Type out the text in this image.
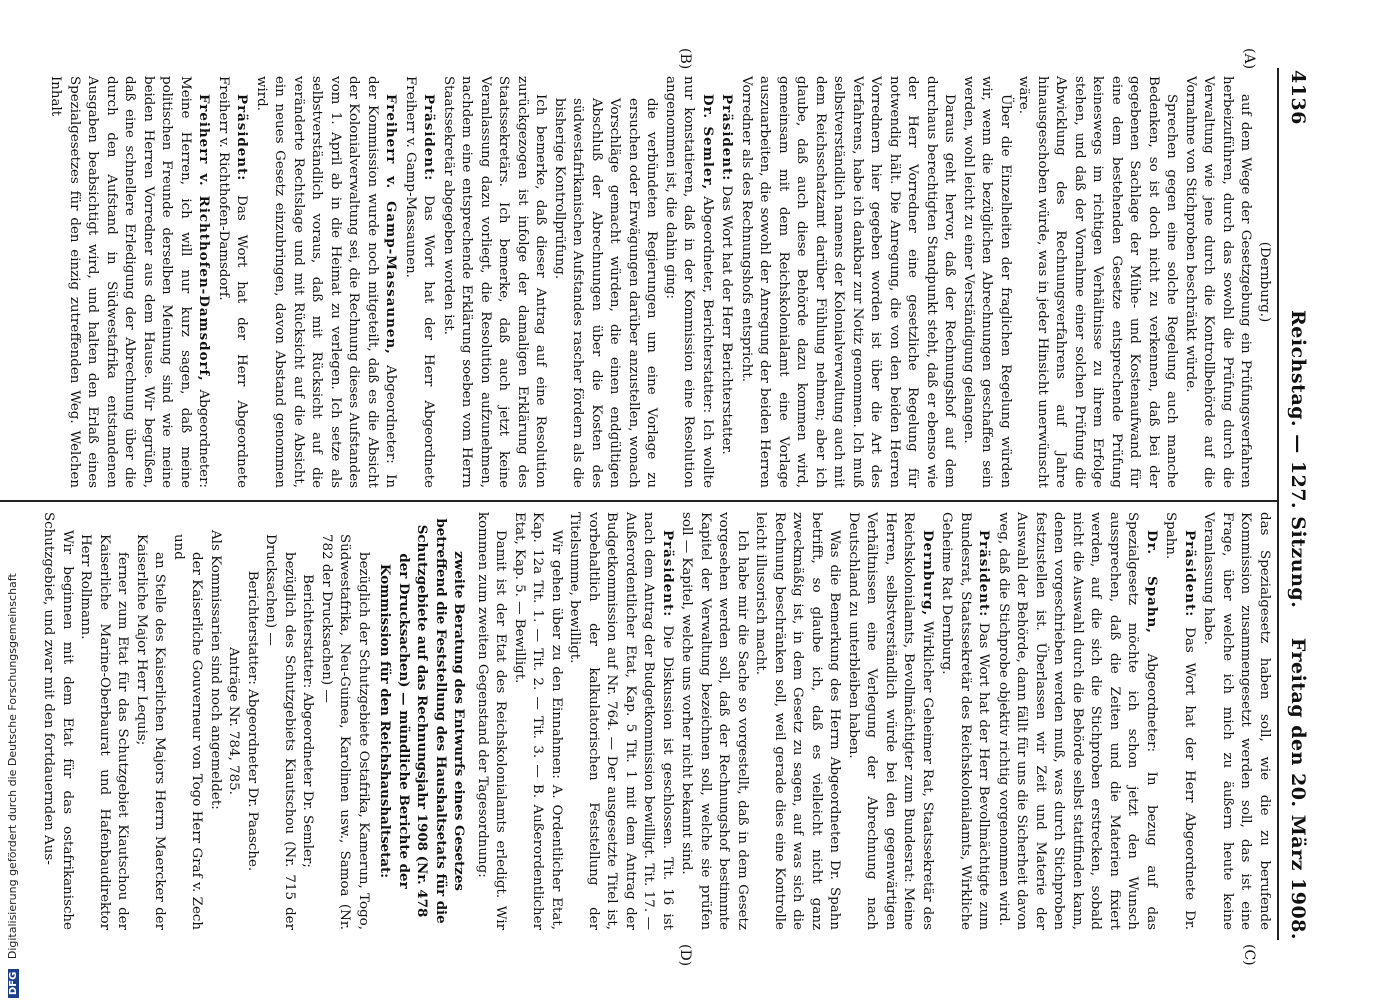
4136
Reichstag. — 127. Sitzung.
Freitag den 20. März 1908.
(A)
(B)
(C)
(D)

(Dernburg.)

auf dem Wege der Gesetzgebung ein Prüfungsverfahren herbeizuführen, durch das sowohl die Prüfung durch die Verwaltung wie jene durch die Kontrollbehörde auf die Vornahme von Stichproben beschränkt würde.

Sprechen gegen eine solche Regelung auch manche Bedenken, so ist doch nicht zu verkennen, daß bei der gegebenen Sachlage der Mühe- und Kostenaufwand für eine dem bestehenden Gesetze entsprechende Prüfung keineswegs im richtigen Verhältnisse zu ihrem Erfolge stehen, und daß der Vornahme einer solchen Prüfung die Abwicklung des Rechnungsverfahrens auf Jahre hinausgeschoben würde, was in jeder Hinsicht unerwünscht wäre.

Über die Einzelheiten der fraglichen Regelung würden wir, wenn die bezüglichen Abrechnungen geschaffen sein werden, wohl leicht zu einer Verständigung gelangen.

Daraus geht hervor, daß der Rechnungshof auf dem durchaus berechtigten Standpunkt steht, daß er ebenso wie der Herr Vorredner eine gesetzliche Regelung für notwendig hält. Die Anregung, die von den beiden Herren Vorrednern hier gegeben worden ist über die Art des Verfahrens, habe ich dankbar zur Notiz genommen. Ich muß selbstverständlich namens der Kolonialverwaltung auch mit dem Reichsschatzamt darüber Fühlung nehmen; aber ich glaube, daß auch diese Behörde dazu kommen wird, gemeinsam mit dem Reichskolonialamt eine Vorlage auszuarbeiten, die sowohl der Anregung der beiden Herren Vorredner als des Rechnungshofs entspricht.

Präsident: Das Wort hat der Herr Berichterstatter.

Dr. Semler, Abgeordneter, Berichterstatter: Ich wollte nur konstatieren, daß in der Kommission eine Resolution angenommen ist, die dahin ging:

die verbündeten Regierungen um eine Vorlage zu ersuchen oder Erwägungen darüber anzustellen, wonach Vorschläge gemacht würden, die einen endgültigen Abschluß der Abrechnungen über die Kosten des südwestafrikanischen Aufstandes rascher fördern als die bisherige Kontrollprüfung.

Ich bemerke, daß dieser Antrag auf eine Resolution zurückgezogen ist infolge der damaligen Erklärung des Staatssekretärs. Ich bemerke, daß auch jetzt keine Veranlassung dazu vorliegt, die Resolution aufzunehmen, nachdem eine entsprechende Erklärung soeben vom Herrn Staatssekretär abgegeben worden ist.

Präsident: Das Wort hat der Herr Abgeordnete Freiherr v. Gamp-Massaunen.

Freiherr v. Gamp-Massaunen, Abgeordneter: In der Kommission wurde noch mitgeteilt, daß es die Absicht der Kolonialverwaltung sei, die Rechnung dieses Aufstandes vom 1. April ab in die Heimat zu verlegen. Ich setze als selbstverständlich voraus, daß mit Rücksicht auf die veränderte Rechtslage und mit Rücksicht auf die Absicht, ein neues Gesetz einzubringen, davon Abstand genommen wird.

Präsident: Das Wort hat der Herr Abgeordnete Freiherr v. Richthofen-Damsdorf.

Freiherr v. Richthofen-Damsdorf, Abgeordneter: Meine Herren, ich will nur kurz sagen, daß meine politischen Freunde derselben Meinung sind wie meine beiden Herren Vorredner aus dem Hause. Wir begrüßen, daß eine schnellere Erledigung der Abrechnung über die durch den Aufstand in Südwestafrika entstandenen Ausgaben beabsichtigt wird, und halten den Erlaß eines Spezialgesetzes für den einzig zutreffenden Weg. Welchen Inhalt

das Spezialgesetz haben soll, wie die zu berufende Kommission zusammengesetzt werden soll, das ist eine Frage, über welche ich mich zu äußern heute keine Veranlassung habe.

Präsident: Das Wort hat der Herr Abgeordnete Dr. Spahn.

Dr. Spahn, Abgeordneter: In bezug auf das Spezialgesetz möchte ich schon jetzt den Wunsch aussprechen, daß die Zeiten und die Materien fixiert werden, auf die sich die Stichproben erstrecken, sobald nicht die Auswahl durch die Behörde selbst stattfinden kann, denen vorgeschrieben werden muß, was durch Stichproben festzustellen ist. Überlassen wir Zeit und Materie der Auswahl der Behörde, dann fällt für uns die Sicherheit davon weg, daß die Stichprobe objektiv richtig vorgenommen wird.

Präsident: Das Wort hat der Herr Bevollmächtigte zum Bundesrat, Staatssekretär des Reichskolonialamts, Wirkliche Geheime Rat Dernburg.

Dernburg, Wirklicher Geheimer Rat, Staatssekretär des Reichskolonialamts, Bevollmächtigter zum Bundesrat: Meine Herren, selbstverständlich würde bei den gegenwärtigen Verhältnissen eine Verlegung der Abrechnung nach Deutschland zu unterbleiben haben.

Was die Bemerkung des Herrn Abgeordneten Dr. Spahn betrifft, so glaube ich, daß es vielleicht nicht ganz zweckmäßig ist, in dem Gesetz zu sagen, auf was sich die Rechnung beschränken soll, weil gerade dies eine Kontrolle leicht illusorisch macht.

Ich habe mir die Sache so vorgestellt, daß in dem Gesetz vorgesehen werden soll, daß der Rechnungshof bestimmte Kapitel der Verwaltung bezeichnen soll, welche sie prüfen soll — Kapitel, welche uns vorher nicht bekannt sind.

Präsident: Die Diskussion ist geschlossen. Tit. 16 ist nach dem Antrag der Budgetkommission bewilligt. Tit. 17. — Außerordentlicher Etat, Kap. 5 Tit. 1 mit dem Antrag der Budgetkommission auf Nr. 764. — Der ausgesetzte Titel ist, vorbehaltlich der kalkulatorischen Feststellung der Titelsumme, bewilligt.

Wir gehen über zu den Einnahmen: A. Ordentlicher Etat, Kap. 12a Tit. 1. — Tit. 2. — Tit. 3. — B. Außerordentlicher Etat, Kap. 5. — Bewilligt.

Damit ist der Etat des Reichskolonialamts erledigt. Wir kommen zum zweiten Gegenstand der Tagesordnung:

zweite Beratung des Entwurfs eines Gesetzes betreffend die Feststellung des Haushaltsetats für die Schutzgebiete auf das Rechnungsjahr 1908 (Nr. 478 der Drucksachen) — mündliche Berichte der Kommission für den Reichshaushaltsetat:

bezüglich der Schutzgebiete Ostafrika, Kamerun, Togo, Südwestafrika, Neu-Guinea, Karolinen usw., Samoa (Nr. 782 der Drucksachen) —

Berichterstatter: Abgeordneter Dr. Semler;

bezüglich des Schutzgebiets Kiautschou (Nr. 715 der Drucksachen) —

Berichterstatter: Abgeordneter Dr. Paasche.

Anträge Nr. 784, 785.

Als Kommissarien sind noch angemeldet:

der Kaiserliche Gouverneur von Togo Herr Graf v. Zech und

an Stelle des Kaiserlichen Majors Herrn Maercker der Kaiserliche Major Herr Lequis;

ferner zum Etat für das Schutzgebiet Kiautschou der Kaiserliche Marine-Oberbaurat und Hafenbaudirektor Herr Rollmann.

Wir beginnen mit dem Etat für das ostafrikanische Schutzgebiet, und zwar mit den fortdauernden Aus-

DFG Digitalisierung gefördert durch die Deutsche Forschungsgemeinschaft
